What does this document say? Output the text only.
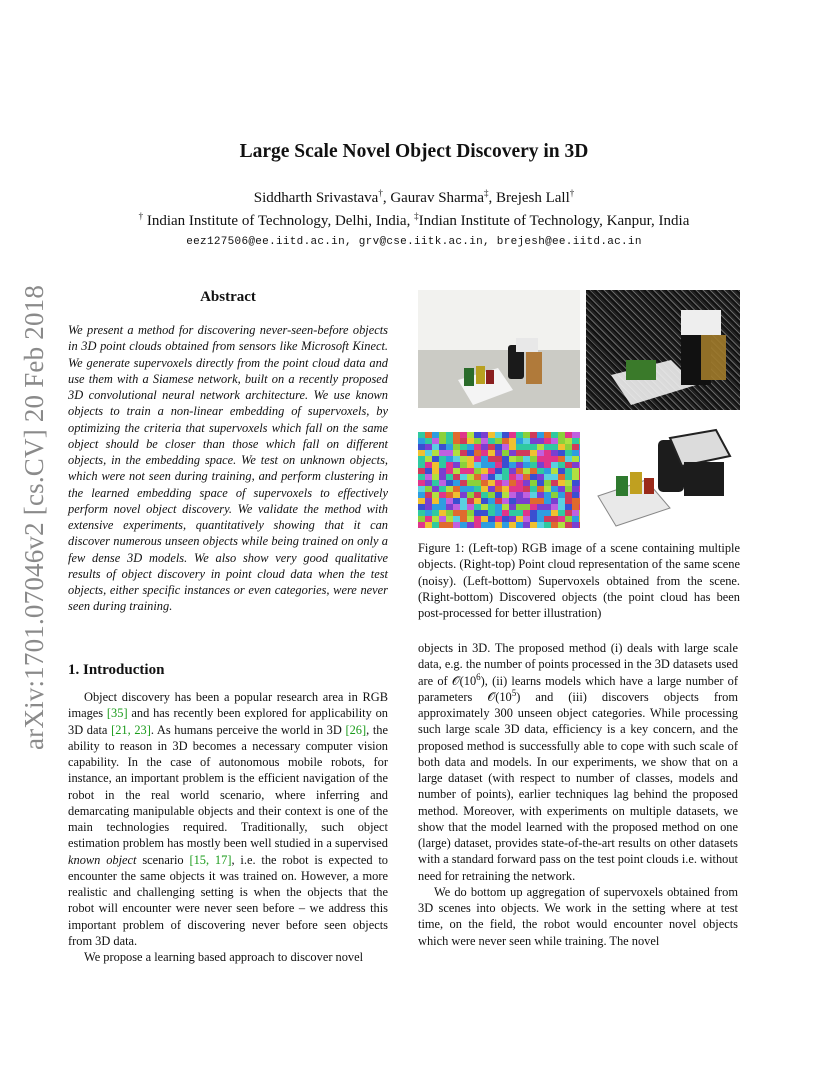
arXiv:1701.07046v2 [cs.CV] 20 Feb 2018
Large Scale Novel Object Discovery in 3D
Siddharth Srivastava†, Gaurav Sharma‡, Brejesh Lall†
† Indian Institute of Technology, Delhi, India, ‡Indian Institute of Technology, Kanpur, India
eez127506@ee.iitd.ac.in, grv@cse.iitk.ac.in, brejesh@ee.iitd.ac.in
Abstract

We present a method for discovering never-seen-before objects in 3D point clouds obtained from sensors like Microsoft Kinect. We generate supervoxels directly from the point cloud data and use them with a Siamese network, built on a recently proposed 3D convolutional neural network architecture. We use known objects to train a non-linear embedding of supervoxels, by optimizing the criteria that supervoxels which fall on the same object should be closer than those which fall on different objects, in the embedding space. We test on unknown objects, which were not seen during training, and perform clustering in the learned embedding space of supervoxels to effectively perform novel object discovery. We validate the method with extensive experiments, quantitatively showing that it can discover numerous unseen objects while being trained on only a few dense 3D models. We also show very good qualitative results of object discovery in point cloud data when the test objects, either specific instances or even categories, were never seen during training.

1. Introduction

Object discovery has been a popular research area in RGB images [35] and has recently been explored for applicability on 3D data [21, 23]. As humans perceive the world in 3D [26], the ability to reason in 3D becomes a necessary computer vision capability. In the case of autonomous mobile robots, for instance, an important problem is the efficient navigation of the robot in the real world scenario, where inferring and demarcating manipulable objects and their context is one of the main technologies required. Traditionally, such object estimation problem has mostly been well studied in a supervised known object scenario [15, 17], i.e. the robot is expected to encounter the same objects it was trained on. However, a more realistic and challenging setting is when the objects that the robot will encounter were never seen before – we address this important problem of discovering never before seen objects from 3D data.

We propose a learning based approach to discover novel

Figure 1: (Left-top) RGB image of a scene containing multiple objects. (Right-top) Point cloud representation of the same scene (noisy). (Left-bottom) Supervoxels obtained from the scene. (Right-bottom) Discovered objects (the point cloud has been post-processed for better illustration)

objects in 3D. The proposed method (i) deals with large scale data, e.g. the number of points processed in the 3D datasets used are of $𝒪(10^6)$, (ii) learns models which have a large number of parameters $𝒪(10^5)$ and (iii) discovers objects from approximately 300 unseen object categories. While processing such large scale 3D data, efficiency is a key concern, and the proposed method is successfully able to cope with such scale of both data and models. In our experiments, we show that on a large dataset (with respect to number of classes, models and number of points), earlier techniques lag behind the proposed method. Moreover, with experiments on multiple datasets, we show that the model learned with the proposed method on one (large) dataset, provides state-of-the-art results on other datasets with a standard forward pass on the test point clouds i.e. without need for retraining the network.

We do bottom up aggregation of supervoxels obtained from 3D scenes into objects. We work in the setting where at test time, on the field, the robot would encounter novel objects which were never seen while training. The novel
